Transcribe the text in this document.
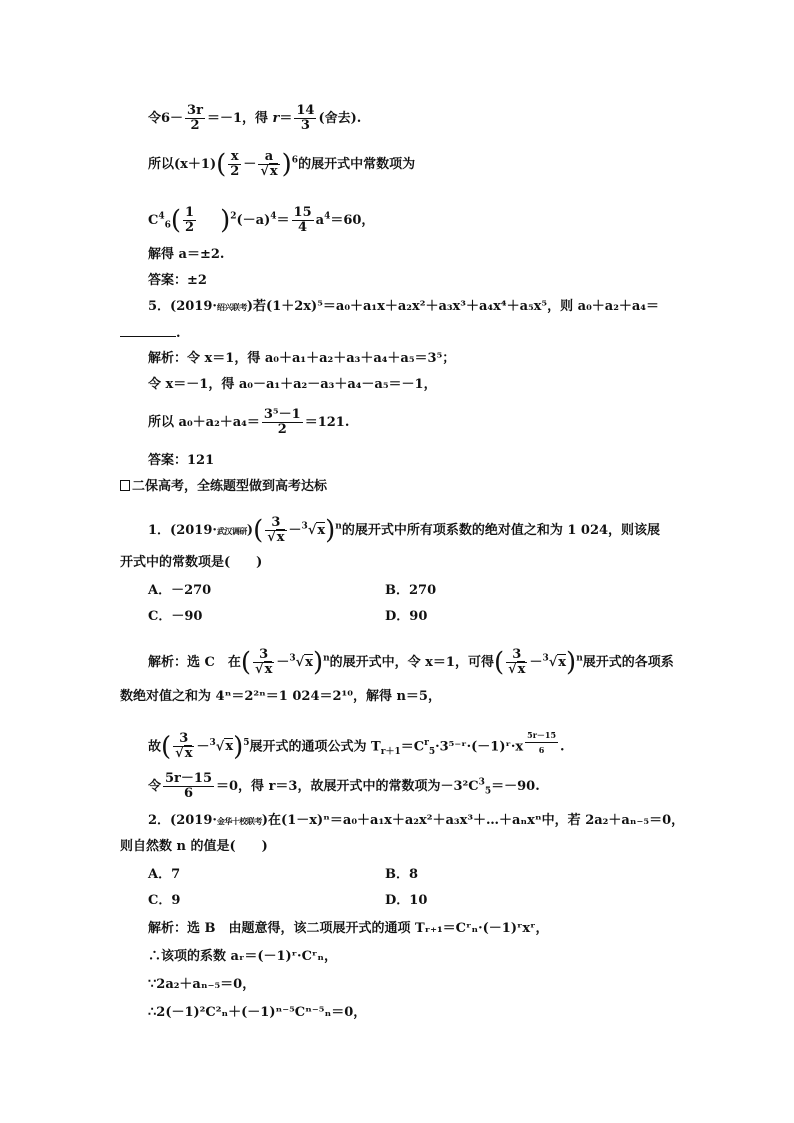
令$6- \frac{3r}{2} =-1$，得 $r= \frac{14}{3}$ (舍去).
所以$(x+1)( \frac{x}{2} - \frac{a}{√x} )^6$的展开式中常数项为
$C^4_6( \frac{1}{2} )^2(-a)^4= \frac{15}{4} a^4=60$，
解得 a＝±2.
答案：±2
5．(2019·绍兴联考)若(1＋2x)⁵＝a₀＋a₁x＋a₂x²＋a₃x³＋a₄x⁴＋a₅x⁵，则 a₀＋a₂＋a₄＝
.
解析：令 x＝1，得 a₀＋a₁＋a₂＋a₃＋a₄＋a₅＝3⁵；
令 x＝－1，得 a₀－a₁＋a₂－a₃＋a₄－a₅＝－1，
所以 $a_0+a_2+a_4= \frac{\text{3⁵－1}}{2} =121$.
答案：121
二保高考，全练题型做到高考达标
1．(2019·武汉调研)( $\frac{3}{√x} -^3√x)^n$的展开式中所有项系数的绝对值之和为 1 024，则该展
开式中的常数项是(　　)
A．－270	B．270
C．－90	D．90
解析：选 C　在( $\frac{3}{√x} -^3√x)^n$的展开式中，令 x＝1，可得( $\frac{3}{√x} -^3√x)^n$展开式的各项系
数绝对值之和为 4ⁿ＝2²ⁿ＝1 024＝2¹⁰，解得 n＝5，
故( $\frac{3}{√x} -^3√x)^5$展开式的通项公式为 $T_{r+1}=C^r_5\cdot 3^{5-}ʳ\cdot(-1)ʳ\cdot x$ $^{\frac{5r-15}{6}}$ .
令 $\frac{5r-15}{6} =0$，得 r＝3，故展开式中的常数项为$-3^2C^3_5=-90$.
2．(2019·金华十校联考)在(1－x)ⁿ＝a₀＋a₁x＋a₂x²＋a₃x³＋…＋aₙxⁿ中，若 2a₂＋aₙ₋₅＝0，
则自然数 n 的值是(　　)
A．7	B．8
C．9	D．10
解析：选 B　由题意得，该二项展开式的通项 Tᵣ₊₁＝Cʳₙ·(－1)ʳxʳ，
∴该项的系数 aᵣ＝(－1)ʳ·Cʳₙ，
∵2a₂＋aₙ₋₅＝0，
∴2(－1)²C²ₙ＋(－1)ⁿ⁻⁵Cⁿ⁻⁵ₙ＝0，
